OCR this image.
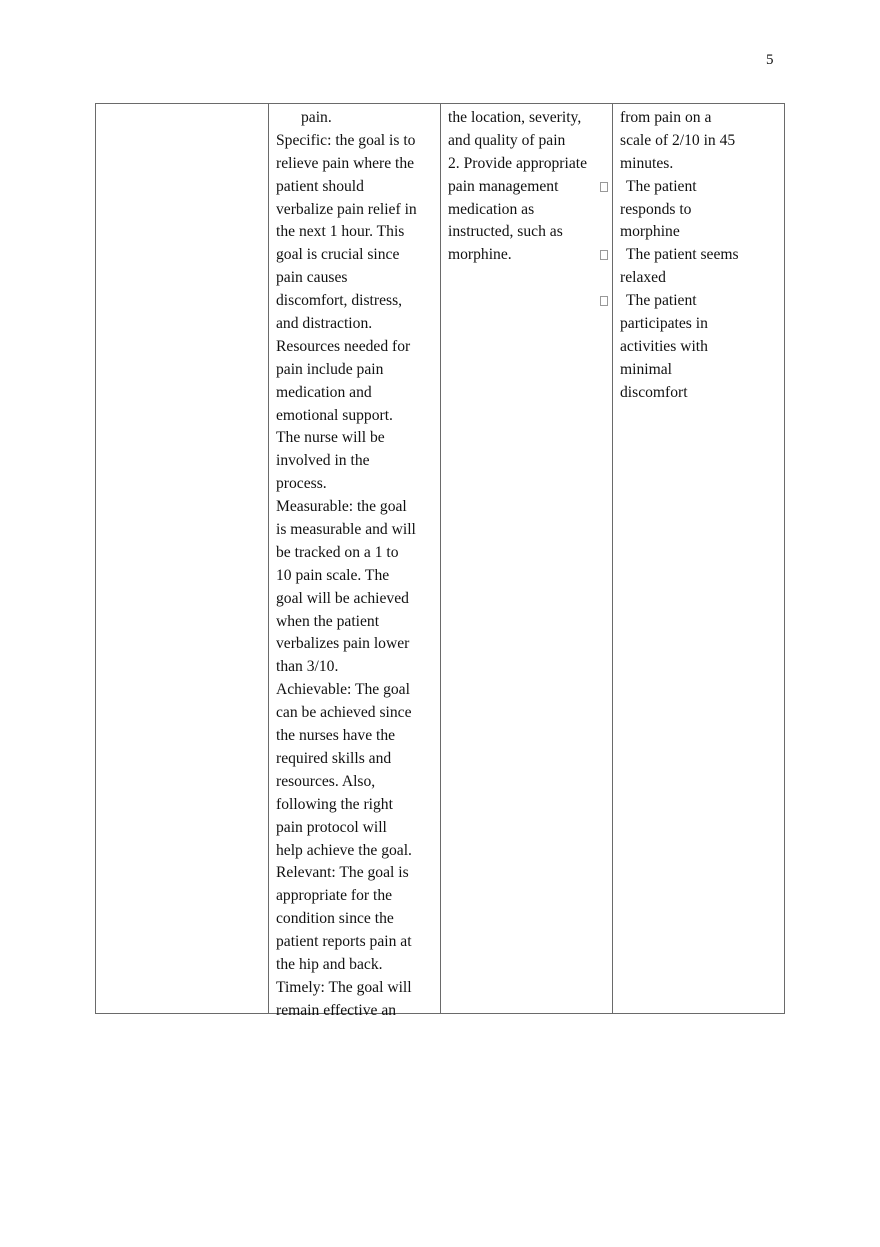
5
pain.
Specific: the goal is to
relieve pain where the
patient should
verbalize pain relief in
the next 1 hour. This
goal is crucial since
pain causes
discomfort, distress,
and distraction.
Resources needed for
pain include pain
medication and
emotional support.
The nurse will be
involved in the
process.
Measurable: the goal
is measurable and will
be tracked on a 1 to
10 pain scale. The
goal will be achieved
when the patient
verbalizes pain lower
than 3/10.
Achievable: The goal
can be achieved since
the nurses have the
required skills and
resources. Also,
following the right
pain protocol will
help achieve the goal.
Relevant: The goal is
appropriate for the
condition since the
patient reports pain at
the hip and back.
Timely: The goal will
remain effective an
the location, severity,
and quality of pain
2. Provide appropriate
pain management
medication as
instructed, such as
morphine.
from pain on a
scale of 2/10 in 45
minutes.
The patient
responds to
morphine
The patient seems
relaxed
The patient
participates in
activities with
minimal
discomfort
